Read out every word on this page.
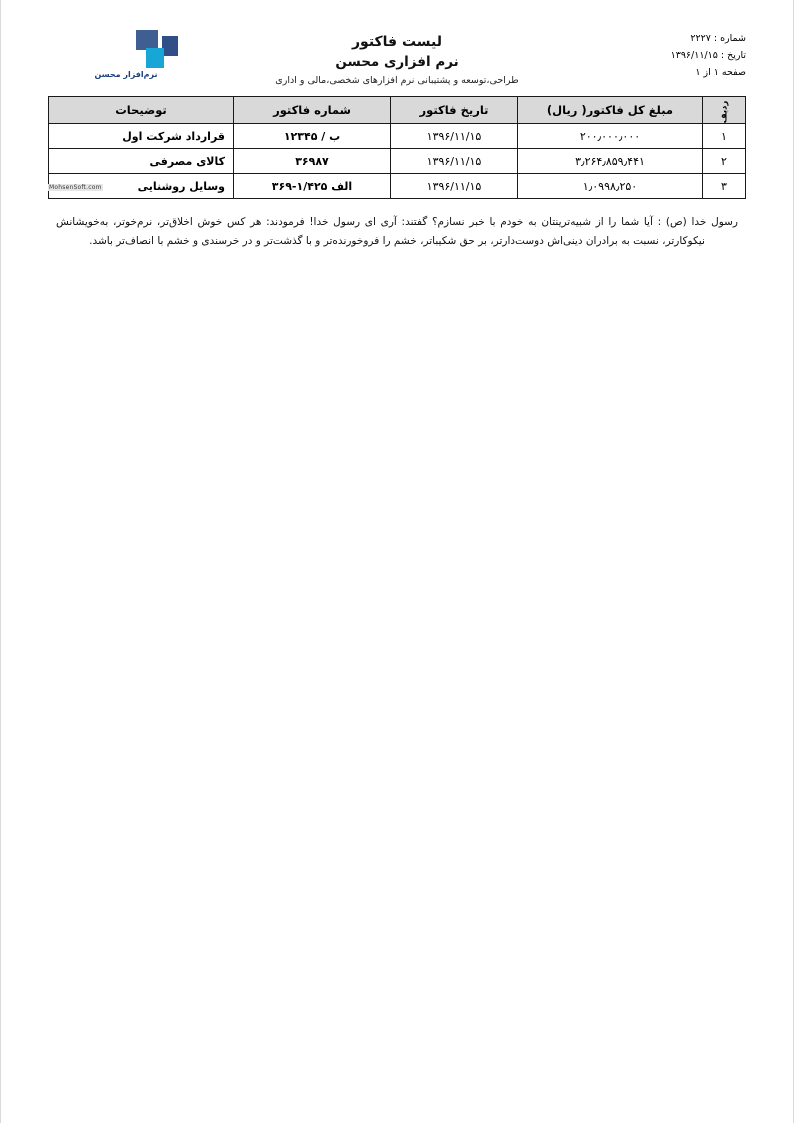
شماره : ۲۲۲۷
تاریخ : ۱۳۹۶/۱۱/۱۵
صفحه ۱ از ۱
لیست فاکتور
نرم افزاری محسن
طراحی،توسعه و پشتیبانی نرم افزارهای شخصی،مالی و اداری
نرم‌افزار محسن
ردیف	مبلغ کل فاکتور( ریال)	تاریخ فاکتور	شماره فاکتور	توضیحات
۱	۲۰۰٫۰۰۰٫۰۰۰	۱۳۹۶/۱۱/۱۵	ب / ۱۲۳۴۵	قرارداد شرکت اول
۲	۳٫۲۶۴٫۸۵۹٫۴۴۱	۱۳۹۶/۱۱/۱۵	۳۶۹۸۷	کالای مصرفی
۳	۱٫۰۹۹۸٫۲۵۰	۱۳۹۶/۱۱/۱۵	الف ۱/۴۲۵-۳۶۹	وسایل روشنایی
رسول خدا (ص) : آیا شما را از شبیه‌ترینتان به خودم با خبر نسازم؟ گفتند: آری ای رسول خدا! فرمودند: هر کس خوش اخلاق‌تر، نرم‌خوتر، به‌خویشانش نیکوکارتر، نسبت به برادران دینی‌اش دوست‌دارتر، بر حق شکیباتر، خشم را فروخورنده‌تر و با گذشت‌تر و در خرسندی و خشم با انصاف‌تر باشد.
MohsenSoft.com
